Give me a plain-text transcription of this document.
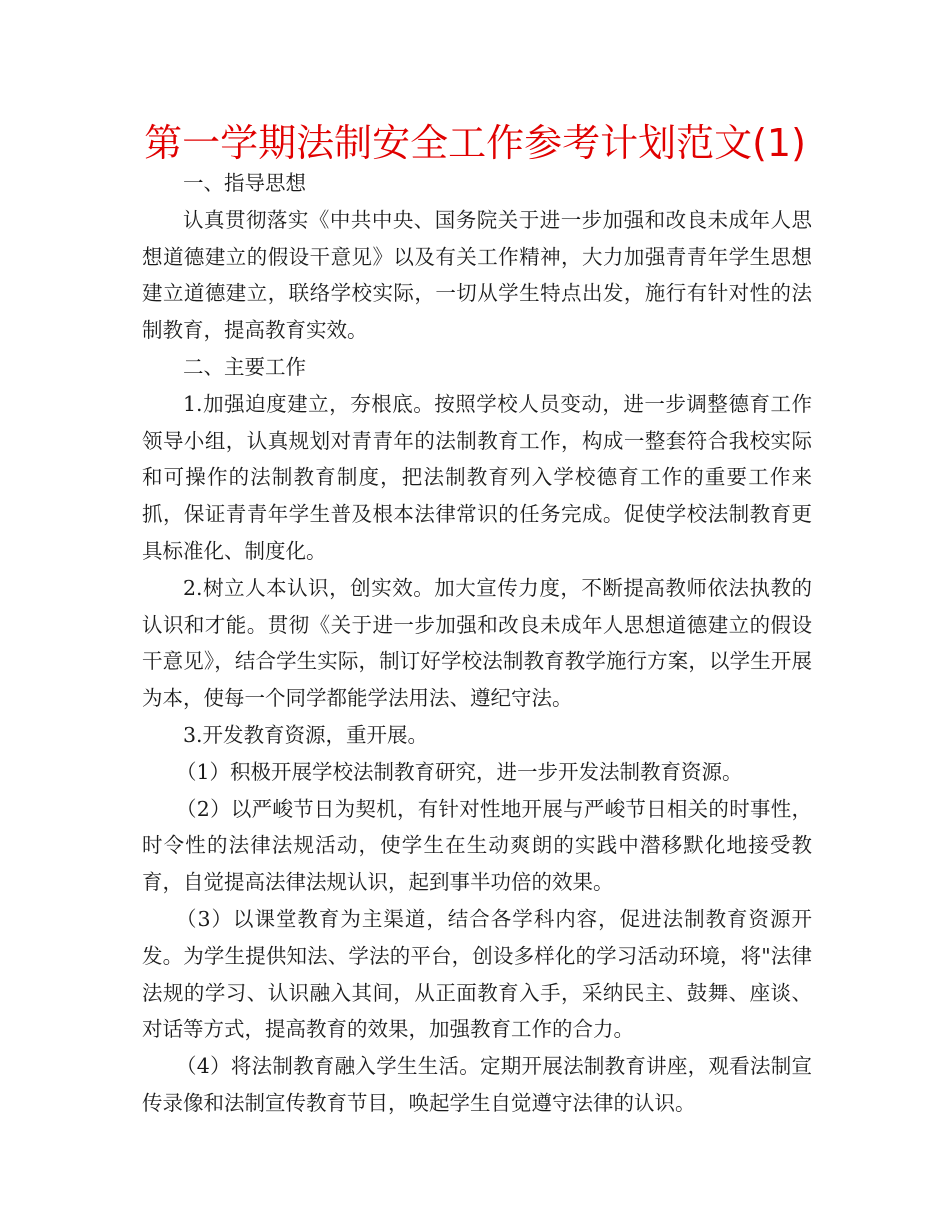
第一学期法制安全工作参考计划范文(1)

一、指导思想

认真贯彻落实《中共中央、国务院关于进一步加强和改良未成年人思想道德建立的假设干意见》以及有关工作精神，大力加强青青年学生思想建立道德建立，联络学校实际，一切从学生特点出发，施行有针对性的法制教育，提高教育实效。

二、主要工作

1.加强迫度建立，夯根底。按照学校人员变动，进一步调整德育工作领导小组，认真规划对青青年的法制教育工作，构成一整套符合我校实际和可操作的法制教育制度，把法制教育列入学校德育工作的重要工作来抓，保证青青年学生普及根本法律常识的任务完成。促使学校法制教育更具标准化、制度化。

2.树立人本认识，创实效。加大宣传力度，不断提高教师依法执教的认识和才能。贯彻《关于进一步加强和改良未成年人思想道德建立的假设干意见》，结合学生实际，制订好学校法制教育教学施行方案，以学生开展为本，使每一个同学都能学法用法、遵纪守法。

3.开发教育资源，重开展。

（1）积极开展学校法制教育研究，进一步开发法制教育资源。

（2）以严峻节日为契机，有针对性地开展与严峻节日相关的时事性，时令性的法律法规活动，使学生在生动爽朗的实践中潜移默化地接受教育，自觉提高法律法规认识，起到事半功倍的效果。

（3）以课堂教育为主渠道，结合各学科内容，促进法制教育资源开发。为学生提供知法、学法的平台，创设多样化的学习活动环境，将"法律法规的学习、认识融入其间，从正面教育入手，采纳民主、鼓舞、座谈、对话等方式，提高教育的效果，加强教育工作的合力。

（4）将法制教育融入学生生活。定期开展法制教育讲座，观看法制宣传录像和法制宣传教育节目，唤起学生自觉遵守法律的认识。
